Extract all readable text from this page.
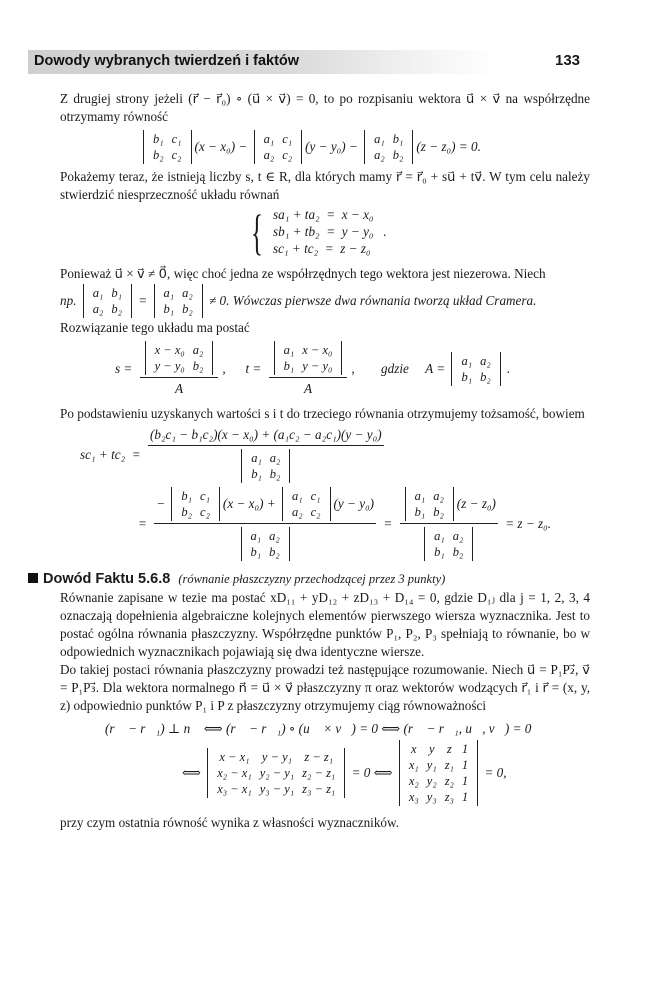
Dowody wybranych twierdzeń i faktów	133
Z drugiej strony jeżeli (r⃗ − r⃗₀) ∘ (u⃗ × v⃗) = 0, to po rozpisaniu wektora u⃗ × v⃗ na współrzędne otrzymamy równość
b₁	c₁
b₂	c₂
(x − x₀) − a₁	c₁
a₂	c₂
(y − y₀) − a₁	b₁
a₂	b₂
(z − z₀) = 0.
Pokażemy teraz, że istnieją liczby s, t ∈ R, dla których mamy r⃗ = r⃗₀ + su⃗ + tv⃗. W tym celu należy stwierdzić niesprzeczność układu równań
{ sa₁ + ta₂  =  x − x₀
sb₁ + tb₂  =  y − y₀   .
sc₁ + tc₂  =  z − z₀
Ponieważ u⃗ × v⃗ ≠ 0⃗, więc choć jedna ze współrzędnych tego wektora jest niezerowa. Niech
np. a₁	b₁
a₂	b₂
= a₁	a₂
b₁	b₂
≠ 0. Wówczas pierwsze dwa równania tworzą układ Cramera.
Rozwiązanie tego układu ma postać
s = x − x₀	a₂
y − y₀	b₂
A ,      t = a₁	x − x₀
b₁	y − y₀
A ,        gdzie     A = a₁	a₂
b₁	b₂
.
Po podstawieniu uzyskanych wartości s i t do trzeciego równania otrzymujemy tożsamość, bowiem
sc₁ + tc₂  = (b₂c₁ − b₁c₂)(x − x₀) + (a₁c₂ − a₂c₁)(y − y₀)
a₁	a₂
b₁	b₂
= − b₁	c₁
b₂	c₂
(x − x₀) + a₁	c₁
a₂	c₂
(y − y₀)
a₁	a₂
b₁	b₂ = a₁	a₂
b₁	b₂
(z − z₀)
a₁	a₂
b₁	b₂ = z − z₀.
Dowód Faktu 5.6.8 (równanie płaszczyzny przechodzącej przez 3 punkty)
Równanie zapisane w tezie ma postać xD₁₁ + yD₁₂ + zD₁₃ + D₁₄ = 0, gdzie D₁ⱼ dla j = 1, 2, 3, 4 oznaczają dopełnienia algebraiczne kolejnych elementów pierwszego wiersza wyznacznika. Jest to postać ogólna równania płaszczyzny. Współrzędne punktów P₁, P₂, P₃ spełniają to równanie, bo w odpowiednich wyznacznikach pojawiają się dwa identyczne wiersze.
Do takiej postaci równania płaszczyzny prowadzi też następujące rozumowanie. Niech u⃗ = P₁P₂⃗, v⃗ = P₁P₃⃗. Dla wektora normalnego n⃗ = u⃗ × v⃗ płaszczyzny π oraz wektorów wodzących r⃗₁ i r⃗ = (x, y, z) odpowiednio punktów P₁ i P z płaszczyzny otrzymujemy ciąg równoważności
(r⃗ − r⃗₁) ⊥ n⃗ ⟺ (r⃗ − r⃗₁) ∘ (u⃗ × v⃗) = 0 ⟺ (r⃗ − r⃗₁, u⃗, v⃗) = 0
⟺
x − x₁	y − y₁	z − z₁
x₂ − x₁	y₂ − y₁	z₂ − z₁
x₃ − x₁	y₃ − y₁	z₃ − z₁
= 0 ⟺
x	y	z	1
x₁	y₁	z₁	1
x₂	y₂	z₂	1
x₃	y₃	z₃	1
= 0,
przy czym ostatnia równość wynika z własności wyznaczników.
